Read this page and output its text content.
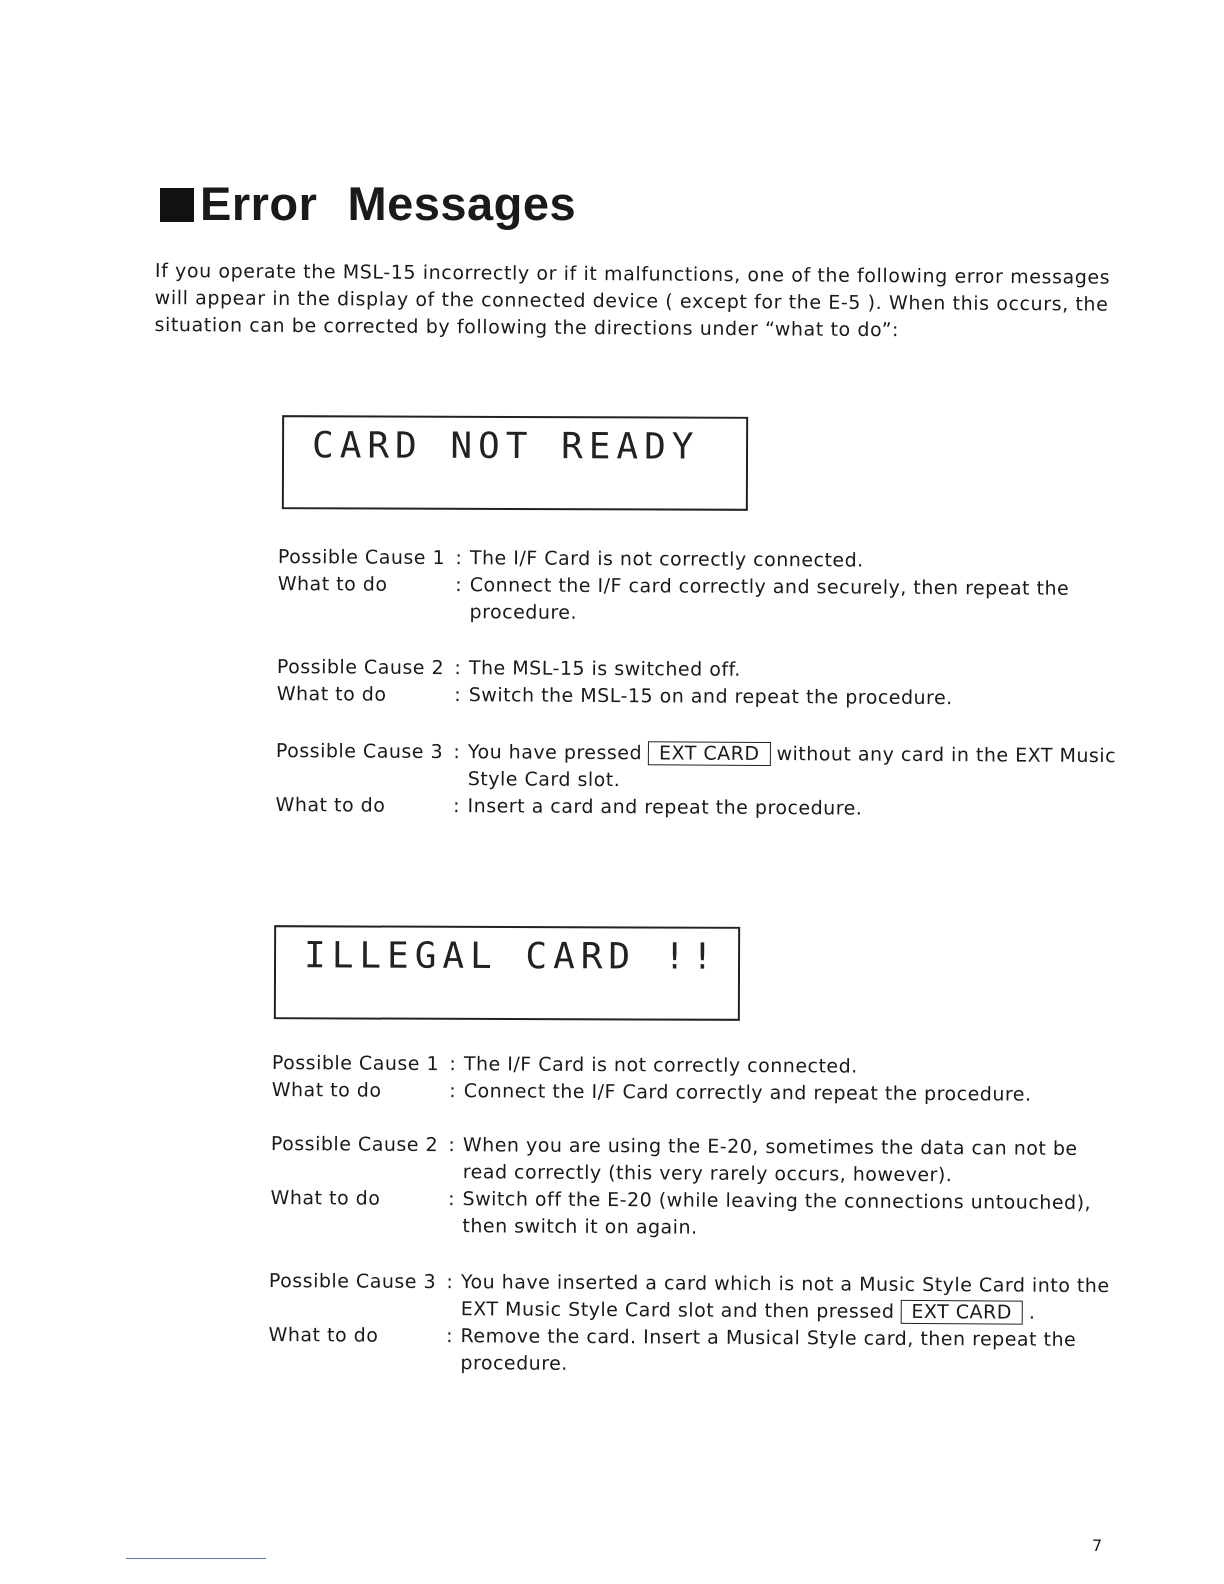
Error Messages
If you operate the MSL-15 incorrectly or if it malfunctions, one of the following error messages will appear in the display of the connected device ( except for the E-5 ). When this occurs, the situation can be corrected by following the directions under “what to do”:
CARD NOT READY
Possible Cause 1 : The I/F Card is not correctly connected.
What to do	: Connect the I/F card correctly and securely, then repeat the procedure.
Possible Cause 2 : The MSL-15 is switched off.
What to do	: Switch the MSL-15 on and repeat the procedure.
Possible Cause 3 : You have pressed EXT CARD without any card in the EXT Music Style Card slot.
What to do	: Insert a card and repeat the procedure.
ILLEGAL CARD !!
Possible Cause 1 : The I/F Card is not correctly connected.
What to do	: Connect the I/F Card correctly and repeat the procedure.
Possible Cause 2 : When you are using the E-20, sometimes the data can not be read correctly (this very rarely occurs, however).
What to do	: Switch off the E-20 (while leaving the connections untouched), then switch it on again.
Possible Cause 3 : You have inserted a card which is not a Music Style Card into the EXT Music Style Card slot and then pressed EXT CARD .
What to do	: Remove the card. Insert a Musical Style card, then repeat the procedure.
7
